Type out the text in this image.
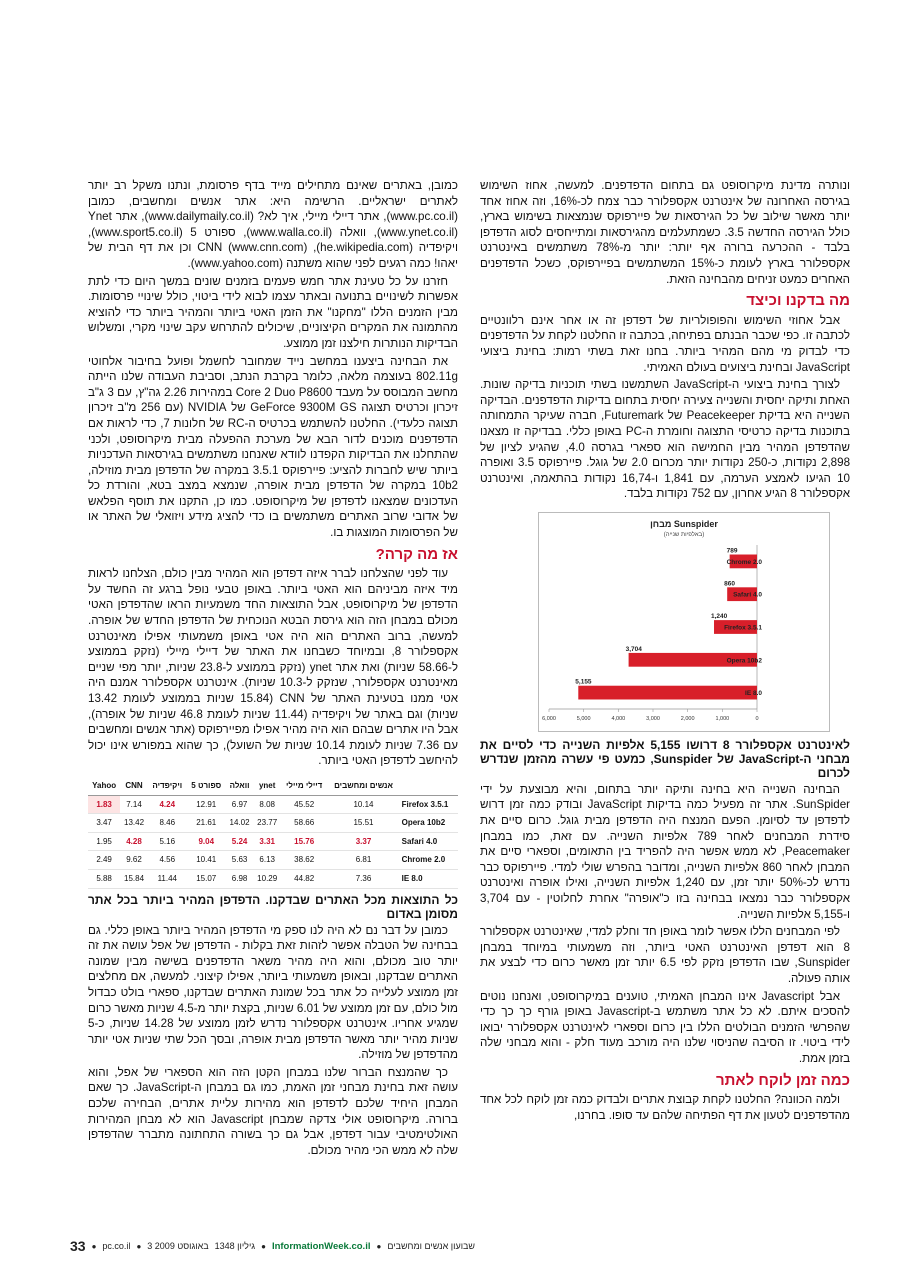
ונותרה מדינת מיקרוסופט גם בתחום הדפדפנים. למעשה, אחוז השימוש בגירסה האחרונה של אינטרנט אקספלורר כבר צמח לכ-16%, וזה אחוז אחד יותר מאשר שילוב של כל הגירסאות של פיירפוקס שנמצאות בשימוש בארץ, כולל הגירסה החדשה 3.5. כשמתעלמים מהגירסאות ומתייחסים לסוג הדפדפן בלבד - ההכרעה ברורה אף יותר: יותר מ-78% משתמשים באינטרנט אקספלורר בארץ לעומת כ-15% המשתמשים בפיירפוקס, כשכל הדפדפנים האחרים כמעט זניחים מהבחינה הזאת.

מה בדקנו וכיצד

אבל אחוזי השימוש והפופולריות של דפדפן זה או אחר אינם רלוונטיים לכתבה זו. כפי שכבר הבנתם בפתיחה, בכתבה זו החלטנו לקחת על הדפדפנים כדי לבדוק מי מהם המהיר ביותר. בחנו זאת בשתי רמות: בחינת ביצועי JavaScript ובחינת ביצועים בעולם האמיתי.

לצורך בחינת ביצועי ה-JavaScript השתמשנו בשתי תוכניות בדיקה שונות. האחת ותיקה יחסית והשנייה צעירה יחסית בתחום בדיקות הדפדפנים. הבדיקה השנייה היא בדיקת Peacekeeper של Futuremark, חברה שעיקר התמחותה בתוכנות בדיקה כרטיסי התצוגה וחומרת ה-PC באופן כללי. בבדיקה זו מצאנו שהדפדפן המהיר מבין החמישה הוא ספארי בגרסה 4.0, שהגיע לציון של 2,898 נקודות, כ-250 נקודות יותר מכרום 2.0 של גוגל. פיירפוקס 3.5 ואופרה 10 הגיעו לאמצע הערמה, עם 1,841 ו-16,74 נקודות בהתאמה, ואינטרנט אקספלורר 8 הגיע אחרון, עם 752 נקודות בלבד.

Sunspider מבחן
(באלפיות שנייה)
0
1,000
2,000
3,000
4,000
5,000
6,000
Chrome 2.0
789
Safari 4.0
860
Firefox 3.5.1
1,240
Opera 10b2
3,704
IE 8.0
5,155

לאינטרנט אקספלורר 8 דרושו 5,155 אלפיות השנייה כדי לסיים את מבחני ה-JavaScript של Sunspider, כמעט פי עשרה מהזמן שנדרש לכרום

הבחינה השנייה היא בחינה ותיקה יותר בתחום, והיא מבוצעת על ידי SunSpider. אתר זה מפעיל כמה בדיקות JavaScript ובודק כמה זמן דרוש לדפדפן עד לסיומן. הפעם המנצח היה הדפדפן מבית גוגל. כרום סיים את סידרת המבחנים לאחר 789 אלפיות השנייה. עם זאת, כמו במבחן Peacemaker, לא ממש אפשר היה להפריד בין התאומים, וספארי סיים את המבחן לאחר 860 אלפיות השנייה, ומדובר בהפרש שולי למדי. פיירפוקס כבר נדרש לכ-50% יותר זמן, עם 1,240 אלפיות השנייה, ואילו אופרה ואינטרנט אקספלורר כבר נמצאו בבחינה בזו כ"אופרה" אחרת לחלוטין - עם 3,704 ו-5,155 אלפיות השנייה.

לפי המבחנים הללו אפשר לומר באופן חד וחלק למדי, שאינטרנט אקספלורר 8 הוא דפדפן האינטרנט האטי ביותר, וזה משמעותי במיוחד במבחן Sunspider, שבו הדפדפן נזקק לפי 6.5 יותר זמן מאשר כרום כדי לבצע את אותה פעולה.

אבל Javascript אינו המבחן האמיתי, טוענים במיקרוסופט, ואנחנו נוטים להסכים איתם. לא כל אתר משתמש ב-Javascript באופן גורף כך כך כדי שהפרשי הזמנים הבולטים הללו בין כרום וספארי לאינטרנט אקספלורר יבואו לידי ביטוי. זו הסיבה שהניסוי שלנו היה מורכב מעוד חלק - והוא מבחני שלה בזמן אמת.

כמה זמן לוקח לאתר

ולמה הכוונה? החלטנו לקחת קבוצת אתרים ולבדוק כמה זמן לוקח לכל אחד מהדפדפנים לטעון את דף הפתיחה שלהם עד סופו. בחרנו,

כמובן, באתרים שאינם מתחילים מייד בדף פרסומת, ונתנו משקל רב יותר לאתרים ישראליים. הרשימה היא: אתר אנשים ומחשבים, כמובן (www.pc.co.il), אתר דיילי מיילי, איך לא? (www.dailymaily.co.il), אתר Ynet (www.ynet.co.il), וואלה (www.walla.co.il), ספורט 5 (www.sport5.co.il), ויקיפדיה (he.wikipedia.com), CNN (www.cnn.com) וכן את דף הבית של יאהו! כמה רגעים לפני שהוא משתנה (www.yahoo.com).

חזרנו על כל טעינת אתר חמש פעמים בזמנים שונים במשך היום כדי לתת אפשרות לשינויים בתנועה ובאתר עצמו לבוא לידי ביטוי, כולל שינויי פרסומות. מבין הזמנים הללו "מחקנו" את הזמן האטי ביותר והמהיר ביותר כדי להוציא מהתמונה את המקרים הקיצוניים, שיכולים להתרחש עקב שינוי מקרי, ומשלוש הבדיקות הנותרות חילצנו זמן ממוצע.

את הבחינה ביצענו במחשב נייד שמחובר לחשמל ופועל בחיבור אלחוטי 802.11g בעוצמה מלאה, כלומר בקרבת הנתב, וסביבת העבודה שלנו הייתה מחשב המבוסס על מעבד Core 2 Duo P8600 במהירות 2.26 גה"ץ, עם 3 ג"ב זיכרון וכרטיס תצוגה GeForce 9300M GS של NVIDIA (עם 256 מ"ב זיכרון תצוגה כלעדי). החלטנו להשתמש בכרטיס ה-RC של חלונות 7, כדי לראות אם הדפדפנים מוכנים לדור הבא של מערכת ההפעלה מבית מיקרוסופט, ולכני שהתחלנו את הבדיקות הקפדנו לוודא שאנחנו משתמשים בגירסאות העדכניות ביותר שיש לחברות להציע: פיירפוקס 3.5.1 במקרה של הדפדפן מבית מוזילה, 10b2 במקרה של הדפדפן מבית אופרה, שנמצא במצב בטא, והורדת כל העדכונים שמצאנו לדפדפן של מיקרוסופט. כמו כן, התקנו את תוסף הפלאש של אדובי שרוב האתרים משתמשים בו כדי להציג מידע ויזואלי של האתר או של הפרסומות המוצגות בו.

אז מה קרה?

עוד לפני שהצלחנו לברר איזה דפדפן הוא המהיר מבין כולם, הצלחנו לראות מיד איזה מביניהם הוא האטי ביותר. באופן טבעי נופל ברגע זה החשד על הדפדפן של מיקרוסופט, אבל התוצאות החד משמעיות הראו שהדפדפן האטי מכולם במבחן הזה הוא גירסת הבטא הנוכחית של הדפדפן החדש של אופרה. למעשה, ברוב האתרים הוא היה אטי באופן משמעותי אפילו מאינטרנט אקספלורר 8, ובמיוחד כשבחנו את האתר של דיילי מיילי (נזקק בממוצע ל-58.66 שניות) ואת אתר ynet (נזקק בממוצע ל-23.8 שניות, יותר מפי שניים מאינטרנט אקספלורר, שנזקק ל-10.3 שניות). אינטרנט אקספלורר אמנם היה אטי ממנו בטעינת האתר של CNN (15.84 שניות בממוצע לעומת 13.42 שניות) וגם באתר של ויקיפדיה (11.44 שניות לעומת 46.8 שניות של אופרה), אבל היו אתרים שבהם הוא היה מהיר אפילו מפיירפוקס (אתר אנשים ומחשבים עם 7.36 שניות לעומת 10.14 שניות של השועל), כך שהוא במפורש אינו יכול להיחשב לדפדפן האטי ביותר.

Yahoo	CNN	ויקיפדיה	ספורט 5	וואלה	ynet	דיילי מיילי	אנשים ומחשבים	
1.83	7.14	4.24	12.91	6.97	8.08	45.52	10.14	Firefox 3.5.1
3.47	13.42	8.46	21.61	14.02	23.77	58.66	15.51	Opera 10b2
1.95	4.28	5.16	9.04	5.24	3.31	15.76	3.37	Safari 4.0
2.49	9.62	4.56	10.41	5.63	6.13	38.62	6.81	Chrome 2.0
5.88	15.84	11.44	15.07	6.98	10.29	44.82	7.36	IE 8.0

כל התוצאות מכל האתרים שבדקנו. הדפדפן המהיר ביותר בכל אתר מסומן באדום

כמובן על דבר נם לא היה לנו ספק מי הדפדפן המהיר ביותר באופן כללי. גם בבחינה של הטבלה אפשר לזהות זאת בקלות - הדפדפן של אפל עושה את זה יותר טוב מכולם, והוא היה מהיר משאר הדפדפנים בשישה מבין שמונה האתרים שבדקנו, ובאופן משמעותי ביותר, אפילו קיצוני. למעשה, אם מחלצים זמן ממוצע לעלייה כל אתר בכל שמונת האתרים שבדקנו, ספארי בולט כבדול מול כולם, עם זמן ממוצע של 6.01 שניות, בקצת יותר מ-4.5 שניות מאשר כרום שמגיע אחריו. אינטרנט אקספלורר נדרש לזמן ממוצע של 14.28 שניות, כ-5 שניות מהיר יותר מאשר הדפדפן מבית אופרה, ובסך הכל שתי שניות אטי יותר מהדפדפן של מוזילה.

כך שהמנצח הברור שלנו במבחן הקטן הזה הוא הספארי של אפל, והוא עושה זאת בחינת מבחני זמן האמת, כמו גם במבחן ה-JavaScript. כך שאם המבחן היחיד שלכם לדפדפן הוא מהירות עליית אתרים, הבחירה שלכם ברורה. מיקרוסופט אולי צדקה שמבחן Javascript הוא לא מבחן המהירות האולטימטיבי עבור דפדפן, אבל גם כך בשורה התחתונה מתברר שהדפדפן שלה לא ממש הכי מהיר מכולם.

33 ● pc.co.il ● 3 באוגוסט 2009 גיליון 1348 ● InformationWeek.co.il ● שבועון אנשים ומחשבים
